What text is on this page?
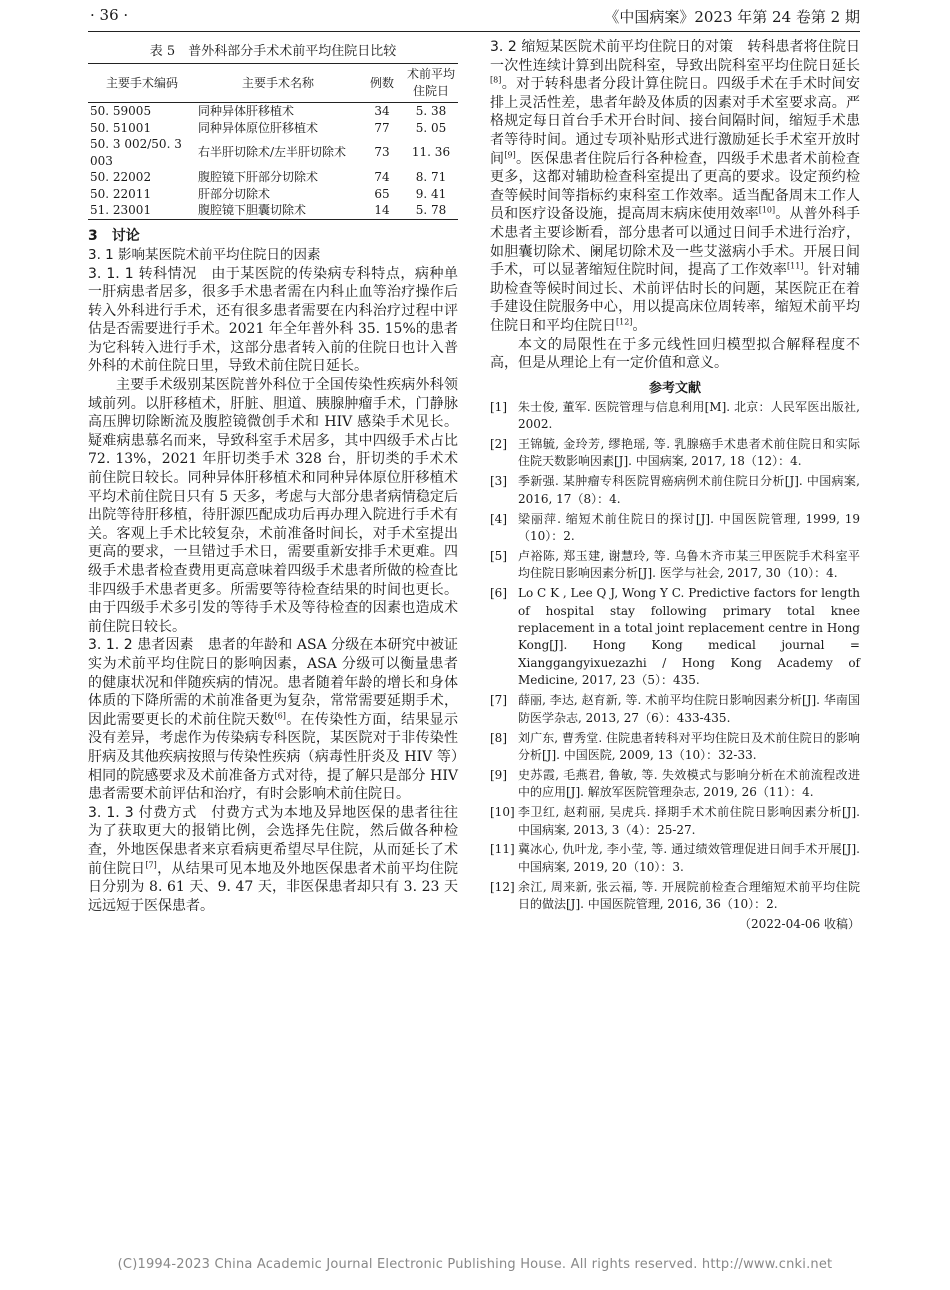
· 36 ·	《中国病案》2023 年第 24 卷第 2 期
表 5　普外科部分手术术前平均住院日比较
主要手术编码	主要手术名称	例数	术前平均住院日
50. 59005	同种异体肝移植术	34	5. 38
50. 51001	同种异体原位肝移植术	77	5. 05
50. 3 002/50. 3 003	右半肝切除术/左半肝切除术	73	11. 36
50. 22002	腹腔镜下肝部分切除术	74	8. 71
50. 22011	肝部分切除术	65	9. 41
51. 23001	腹腔镜下胆囊切除术	14	5. 78
3　讨论
3. 1 影响某医院术前平均住院日的因素

3. 1. 1 转科情况　由于某医院的传染病专科特点，病种单一肝病患者居多，很多手术患者需在内科止血等治疗操作后转入外科进行手术，还有很多患者需要在内科治疗过程中评估是否需要进行手术。2021 年全年普外科 35. 15%的患者为它科转入进行手术，这部分患者转入前的住院日也计入普外科的术前住院日里，导致术前住院日延长。

主要手术级别某医院普外科位于全国传染性疾病外科领域前列。以肝移植术，肝脏、胆道、胰腺肿瘤手术，门静脉高压脾切除断流及腹腔镜微创手术和 HIV 感染手术见长。疑难病患慕名而来，导致科室手术居多，其中四级手术占比 72. 13%，2021 年肝切类手术 328 台，肝切类的手术术前住院日较长。同种异体肝移植术和同种异体原位肝移植术平均术前住院日只有 5 天多，考虑与大部分患者病情稳定后出院等待肝移植，待肝源匹配成功后再办理入院进行手术有关。客观上手术比较复杂，术前准备时间长，对手术室提出更高的要求，一旦错过手术日，需要重新安排手术更难。四级手术患者检查费用更高意味着四级手术患者所做的检查比非四级手术患者更多。所需要等待检查结果的时间也更长。由于四级手术多引发的等待手术及等待检查的因素也造成术前住院日较长。

3. 1. 2 患者因素　患者的年龄和 ASA 分级在本研究中被证实为术前平均住院日的影响因素，ASA 分级可以衡量患者的健康状况和伴随疾病的情况。患者随着年龄的增长和身体体质的下降所需的术前准备更为复杂，常常需要延期手术，因此需要更长的术前住院天数[6]。在传染性方面，结果显示没有差异，考虑作为传染病专科医院，某医院对于非传染性肝病及其他疾病按照与传染性疾病（病毒性肝炎及 HIV 等）相同的院感要求及术前准备方式对待，提了解只是部分 HIV 患者需要术前评估和治疗，有时会影响术前住院日。

3. 1. 3 付费方式　付费方式为本地及异地医保的患者往往为了获取更大的报销比例，会选择先住院，然后做各种检查，外地医保患者来京看病更希望尽早住院，从而延长了术前住院日[7]，从结果可见本地及外地医保患者术前平均住院日分别为 8. 61 天、9. 47 天，非医保患者却只有 3. 23 天远远短于医保患者。

3. 2 缩短某医院术前平均住院日的对策　转科患者将住院日一次性连续计算到出院科室，导致出院科室平均住院日延长[8]。对于转科患者分段计算住院日。四级手术在手术时间安排上灵活性差，患者年龄及体质的因素对手术室要求高。严格规定每日首台手术开台时间、接台间隔时间，缩短手术患者等待时间。通过专项补贴形式进行激励延长手术室开放时间[9]。医保患者住院后行各种检查，四级手术患者术前检查更多，这都对辅助检查科室提出了更高的要求。设定预约检查等候时间等指标约束科室工作效率。适当配备周末工作人员和医疗设备设施，提高周末病床使用效率[10]。从普外科手术患者主要诊断看，部分患者可以通过日间手术进行治疗，如胆囊切除术、阑尾切除术及一些艾滋病小手术。开展日间手术，可以显著缩短住院时间，提高了工作效率[11]。针对辅助检查等候时间过长、术前评估时长的问题，某医院正在着手建设住院服务中心，用以提高床位周转率，缩短术前平均住院日和平均住院日[12]。

本文的局限性在于多元线性回归模型拟合解释程度不高，但是从理论上有一定价值和意义。

参考文献
[1] 朱士俊, 董军. 医院管理与信息利用[M]. 北京：人民军医出版社, 2002.
[2] 王锦毓, 金玲芳, 缪艳瑶, 等. 乳腺癌手术患者术前住院日和实际住院天数影响因素[J]. 中国病案, 2017, 18（12）：4.
[3] 季新强. 某肿瘤专科医院胃癌病例术前住院日分析[J]. 中国病案, 2016, 17（8）：4.
[4] 梁丽萍. 缩短术前住院日的探讨[J]. 中国医院管理, 1999, 19（10）：2.
[5] 卢裕陈, 郑玉建, 谢慧玲, 等. 乌鲁木齐市某三甲医院手术科室平均住院日影响因素分析[J]. 医学与社会, 2017, 30（10）：4.
[6] Lo C K , Lee Q J, Wong Y C. Predictive factors for length of hospital stay following primary total knee replacement in a total joint replacement centre in Hong Kong[J]. Hong Kong medical journal = Xianggangyixuezazhi / Hong Kong Academy of Medicine, 2017, 23（5）：435.
[7] 薛丽, 李达, 赵育新, 等. 术前平均住院日影响因素分析[J]. 华南国防医学杂志, 2013, 27（6）：433-435.
[8] 刘广东, 曹秀堂. 住院患者转科对平均住院日及术前住院日的影响分析[J]. 中国医院, 2009, 13（10）：32-33.
[9] 史苏霞, 毛燕君, 鲁敏, 等. 失效模式与影响分析在术前流程改进中的应用[J]. 解放军医院管理杂志, 2019, 26（11）：4.
[10] 李卫红, 赵莉丽, 吴虎兵. 择期手术术前住院日影响因素分析[J]. 中国病案, 2013, 3（4）：25-27.
[11] 冀冰心, 仇叶龙, 李小莹, 等. 通过绩效管理促进日间手术开展[J]. 中国病案, 2019, 20（10）：3.
[12] 余江, 周来新, 张云福, 等. 开展院前检查合理缩短术前平均住院日的做法[J]. 中国医院管理, 2016, 36（10）：2.
（2022-04-06 收稿）
(C)1994-2023 China Academic Journal Electronic Publishing House. All rights reserved. http://www.cnki.net
